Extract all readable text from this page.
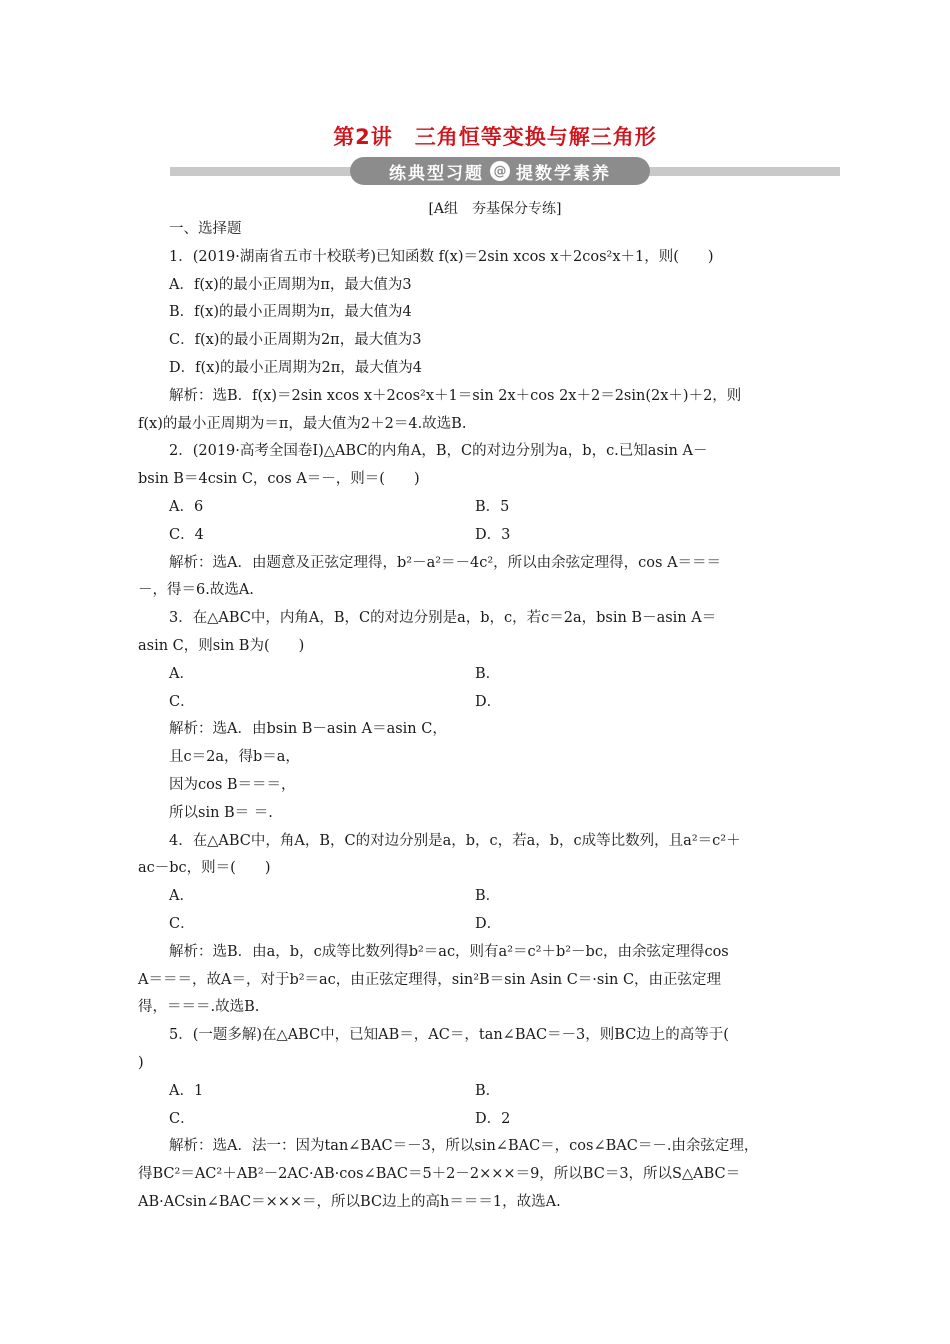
第2讲　三角恒等变换与解三角形
练典型习题 @ 提数学素养
[A组　夯基保分专练]
一、选择题
1．(2019·湖南省五市十校联考)已知函数 f(x)＝2sin xcos x＋2cos²x＋1，则(　　)
A．f(x)的最小正周期为π，最大值为3
B．f(x)的最小正周期为π，最大值为4
C．f(x)的最小正周期为2π，最大值为3
D．f(x)的最小正周期为2π，最大值为4
解析：选B．f(x)＝2sin xcos x＋2cos²x＋1＝sin 2x＋cos 2x＋2＝2sin(2x＋)＋2，则
f(x)的最小正周期为＝π，最大值为2＋2＝4.故选B.
2．(2019·高考全国卷Ⅰ)△ABC的内角A，B，C的对边分别为a，b，c.已知asin A－
bsin B＝4csin C，cos A＝－，则＝(　　)
A．6	B．5
C．4	D．3
解析：选A．由题意及正弦定理得，b²－a²＝－4c²，所以由余弦定理得，cos A＝＝＝
－，得＝6.故选A.
3．在△ABC中，内角A，B，C的对边分别是a，b，c，若c＝2a，bsin B－asin A＝
asin C，则sin B为(　　)
A．	B．
C．	D．
解析：选A．由bsin B－asin A＝asin C，
且c＝2a，得b＝a，
因为cos B＝＝＝，
所以sin B＝ ＝.
4．在△ABC中，角A，B，C的对边分别是a，b，c，若a，b，c成等比数列，且a²＝c²＋
ac－bc，则＝(　　)
A．	B．
C．	D．
解析：选B．由a，b，c成等比数列得b²＝ac，则有a²＝c²＋b²－bc，由余弦定理得cos
A＝＝＝，故A＝，对于b²＝ac，由正弦定理得，sin²B＝sin Asin C＝·sin C，由正弦定理
得，＝＝＝.故选B.
5．(一题多解)在△ABC中，已知AB＝，AC＝，tan∠BAC＝－3，则BC边上的高等于(
)
A．1	B．
C．	D．2
解析：选A．法一：因为tan∠BAC＝－3，所以sin∠BAC＝，cos∠BAC＝－.由余弦定理，
得BC²＝AC²＋AB²－2AC·AB·cos∠BAC＝5＋2－2×××＝9，所以BC＝3，所以S△ABC＝
AB·ACsin∠BAC＝×××＝，所以BC边上的高h＝＝＝1，故选A.
